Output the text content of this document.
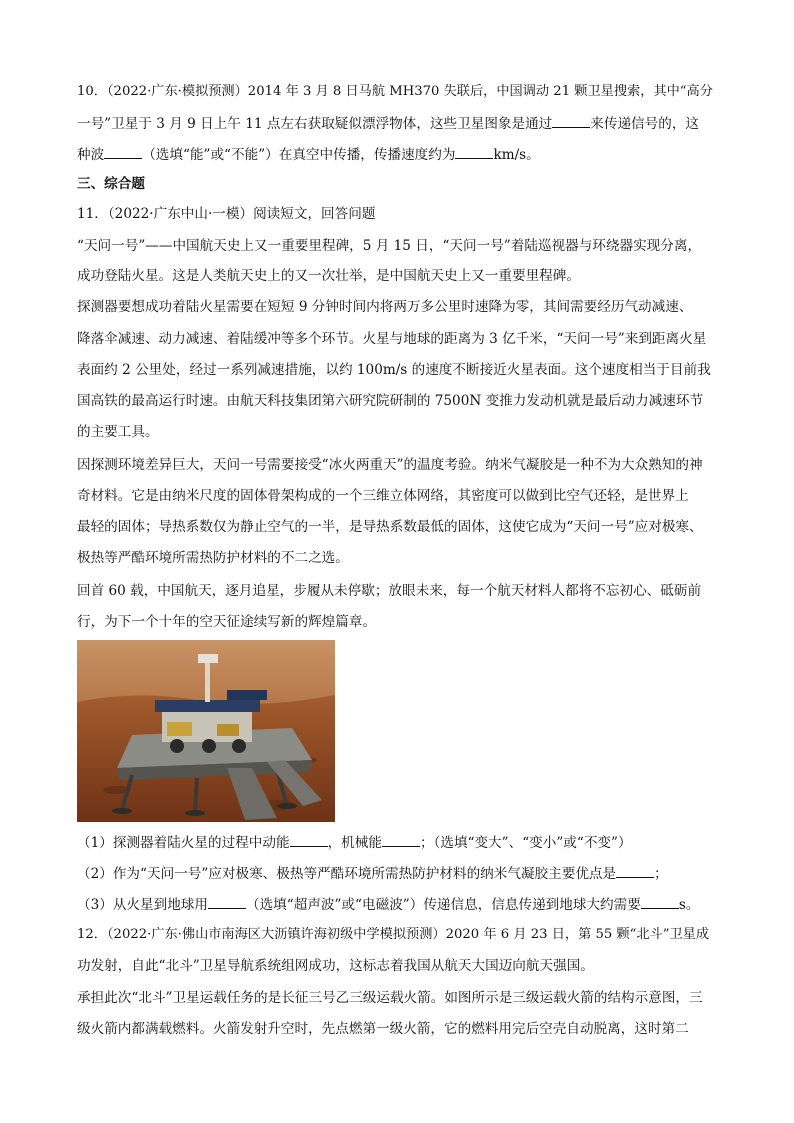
10．（2022·广东·模拟预测）2014 年 3 月 8 日马航 MH370 失联后，中国调动 21 颗卫星搜索，其中“高分
一号”卫星于 3 月 9 日上午 11 点左右获取疑似漂浮物体，这些卫星图象是通过	来传递信号的，这
种波	（选填“能”或“不能”）在真空中传播，传播速度约为	km/s。
三、综合题
11．（2022·广东中山·一模）阅读短文，回答问题
“天问一号”——中国航天史上又一重要里程碑，5 月 15 日，“天问一号”着陆巡视器与环绕器实现分离，
成功登陆火星。这是人类航天史上的又一次壮举，是中国航天史上又一重要里程碑。
探测器要想成功着陆火星需要在短短 9 分钟时间内将两万多公里时速降为零，其间需要经历气动减速、
降落伞减速、动力减速、着陆缓冲等多个环节。火星与地球的距离为 3 亿千米，“天问一号”来到距离火星
表面约 2 公里处，经过一系列减速措施，以约 100m/s 的速度不断接近火星表面。这个速度相当于目前我
国高铁的最高运行时速。由航天科技集团第六研究院研制的 7500N 变推力发动机就是最后动力减速环节
的主要工具。
因探测环境差异巨大，天问一号需要接受“冰火两重天”的温度考验。纳米气凝胶是一种不为大众熟知的神
奇材料。它是由纳米尺度的固体骨架构成的一个三维立体网络，其密度可以做到比空气还轻，是世界上
最轻的固体；导热系数仅为静止空气的一半，是导热系数最低的固体，这使它成为“天问一号”应对极寒、
极热等严酷环境所需热防护材料的不二之选。
回首 60 载，中国航天，逐月追星，步履从未停歇；放眼未来，每一个航天材料人都将不忘初心、砥砺前
行，为下一个十年的空天征途续写新的辉煌篇章。
（1）探测器着陆火星的过程中动能	，机械能	；（选填“变大”、“变小”或“不变”）
（2）作为“天问一号”应对极寒、极热等严酷环境所需热防护材料的纳米气凝胶主要优点是	；
（3）从火星到地球用	（选填“超声波”或“电磁波”）传递信息，信息传递到地球大约需要	s。
12．（2022·广东·佛山市南海区大沥镇许海初级中学模拟预测）2020 年 6 月 23 日，第 55 颗“北斗”卫星成
功发射，自此“北斗”卫星导航系统组网成功，这标志着我国从航天大国迈向航天强国。
承担此次“北斗”卫星运载任务的是长征三号乙三级运载火箭。如图所示是三级运载火箭的结构示意图，三
级火箭内都满载燃料。火箭发射升空时，先点燃第一级火箭，它的燃料用完后空壳自动脱离，这时第二
